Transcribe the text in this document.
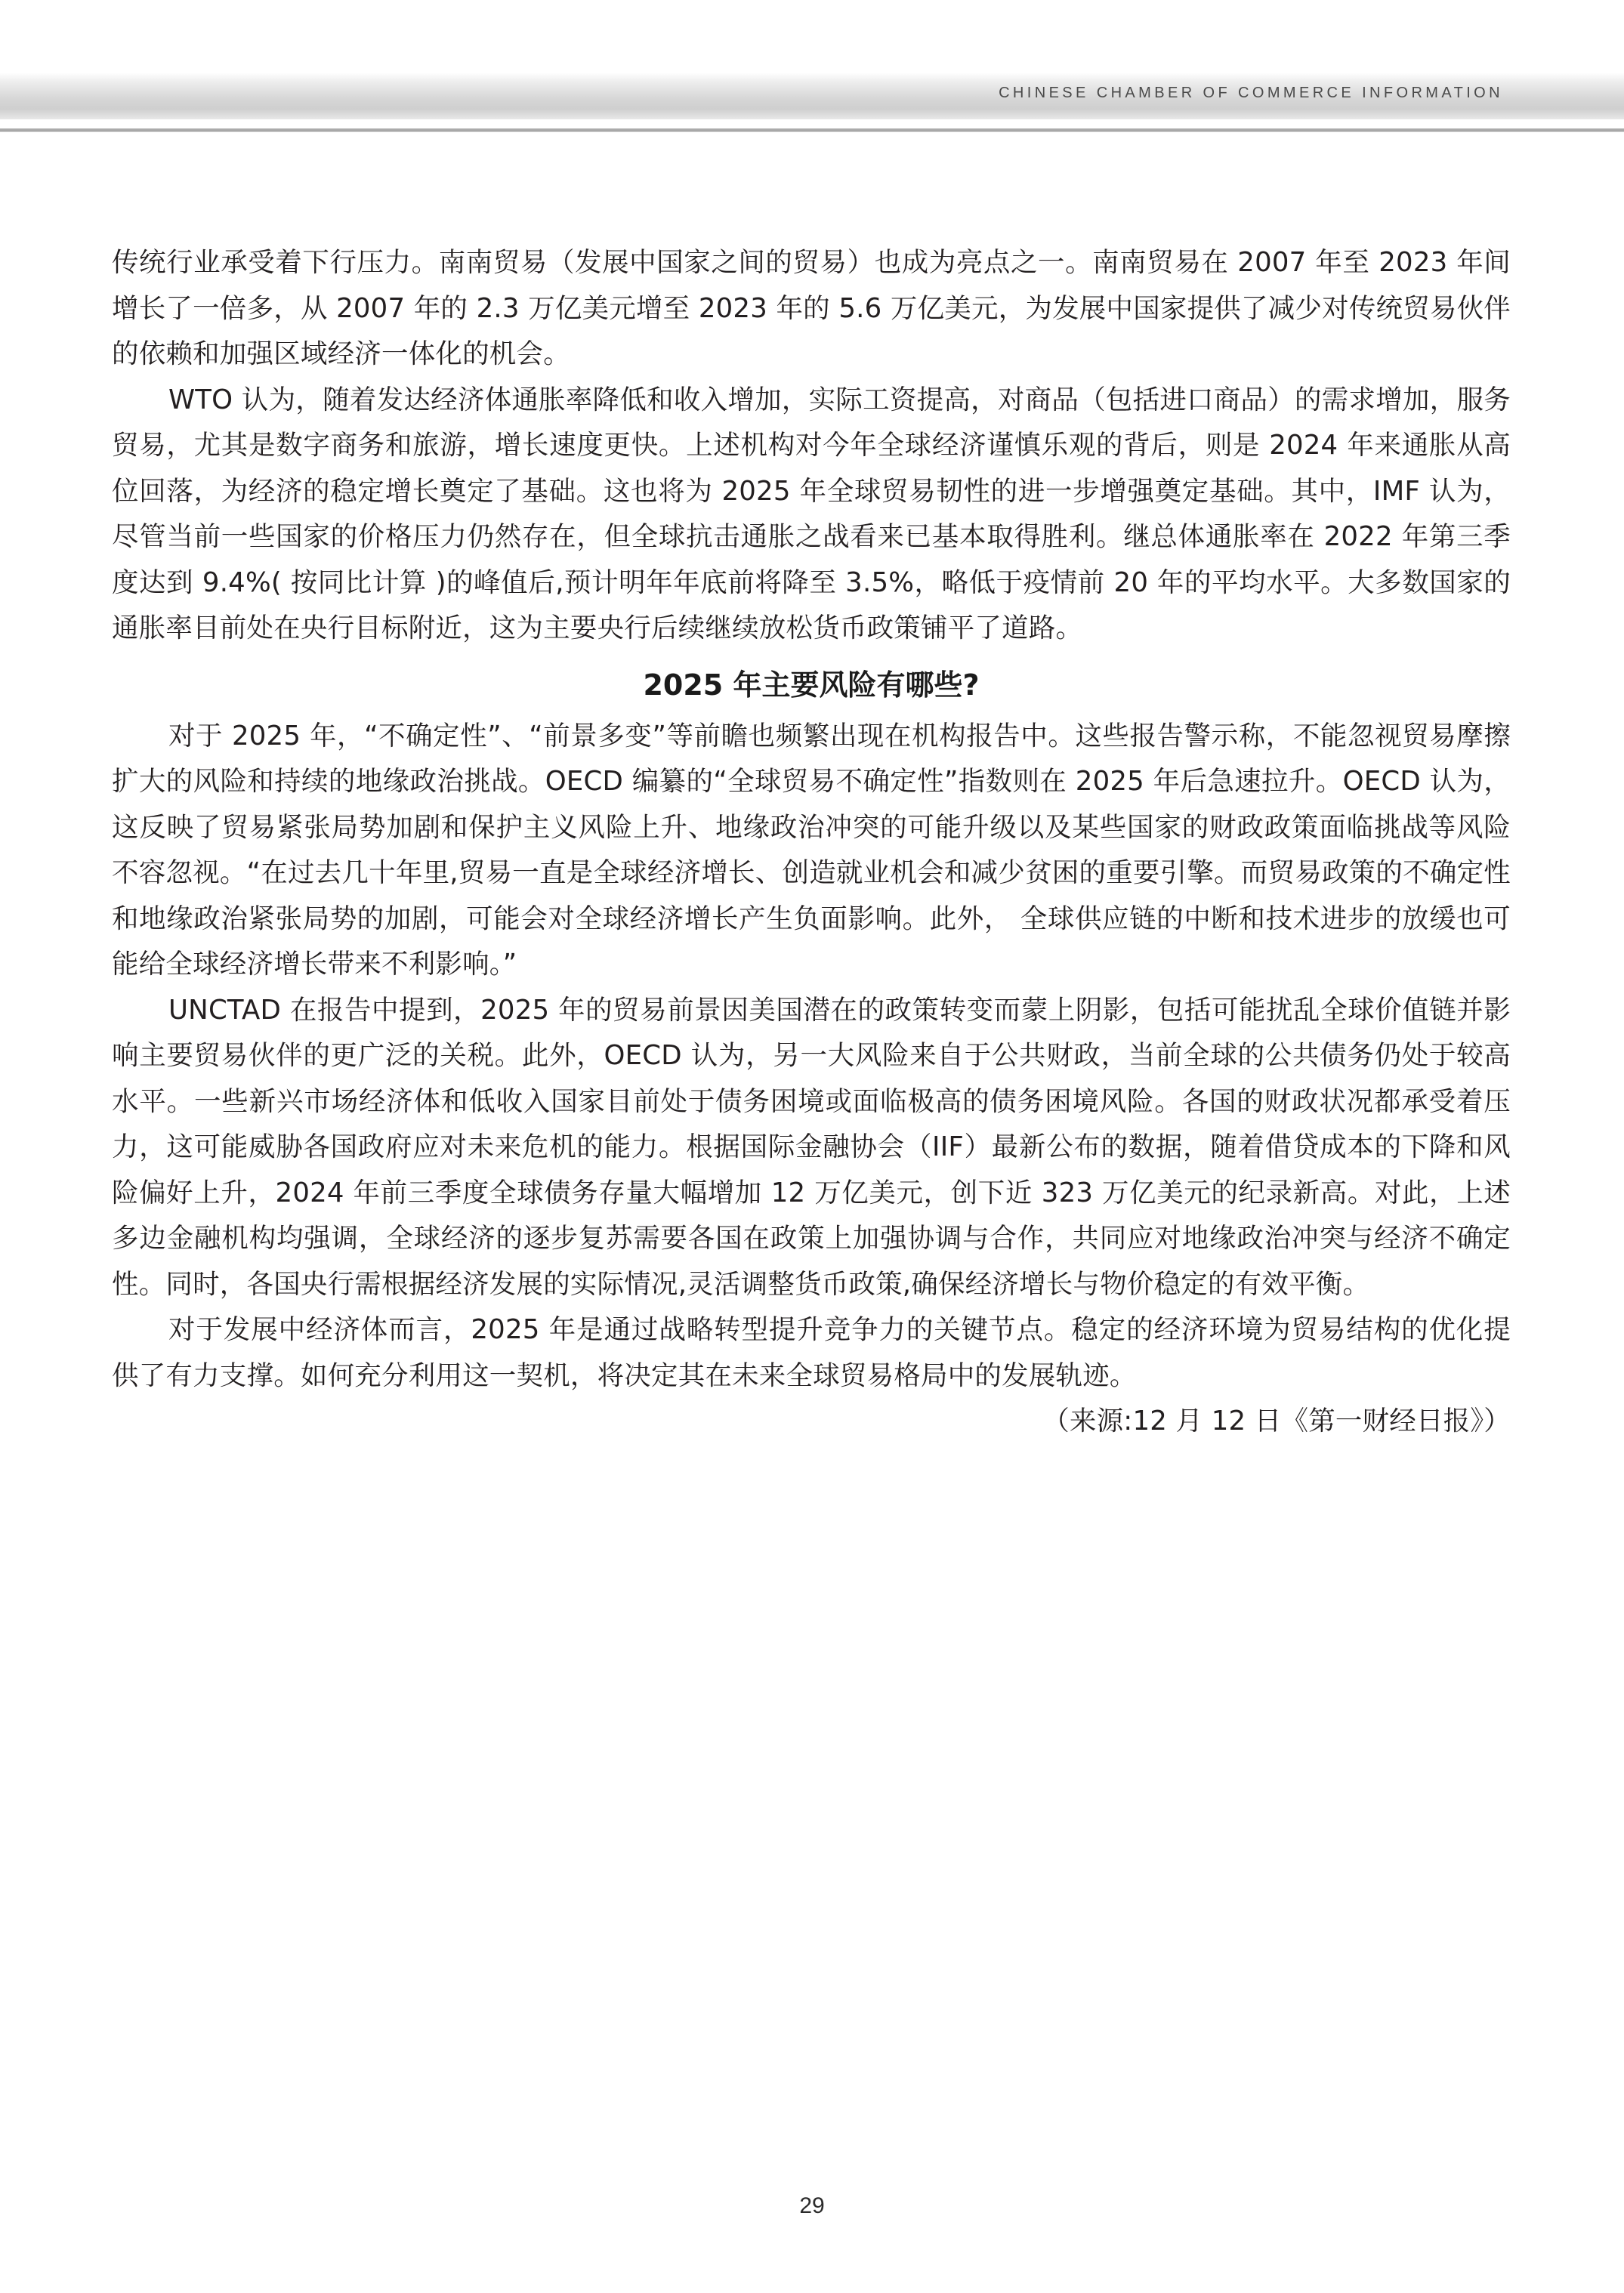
CHINESE CHAMBER OF COMMERCE INFORMATION

传统行业承受着下行压力。南南贸易（发展中国家之间的贸易）也成为亮点之一。南南贸易在 2007 年至 2023 年间增长了一倍多，从 2007 年的 2.3 万亿美元增至 2023 年的 5.6 万亿美元，为发展中国家提供了减少对传统贸易伙伴的依赖和加强区域经济一体化的机会。

WTO 认为，随着发达经济体通胀率降低和收入增加，实际工资提高，对商品（包括进口商品）的需求增加，服务贸易，尤其是数字商务和旅游，增长速度更快。上述机构对今年全球经济谨慎乐观的背后，则是 2024 年来通胀从高位回落，为经济的稳定增长奠定了基础。这也将为 2025 年全球贸易韧性的进一步增强奠定基础。其中，IMF 认为，尽管当前一些国家的价格压力仍然存在，但全球抗击通胀之战看来已基本取得胜利。继总体通胀率在 2022 年第三季度达到 9.4%( 按同比计算 )的峰值后,预计明年年底前将降至 3.5%，略低于疫情前 20 年的平均水平。大多数国家的通胀率目前处在央行目标附近，这为主要央行后续继续放松货币政策铺平了道路。

2025 年主要风险有哪些?

对于 2025 年，“不确定性”、“前景多变”等前瞻也频繁出现在机构报告中。这些报告警示称，不能忽视贸易摩擦扩大的风险和持续的地缘政治挑战。OECD 编纂的“全球贸易不确定性”指数则在 2025 年后急速拉升。OECD 认为，这反映了贸易紧张局势加剧和保护主义风险上升、地缘政治冲突的可能升级以及某些国家的财政政策面临挑战等风险不容忽视。“在过去几十年里,贸易一直是全球经济增长、创造就业机会和减少贫困的重要引擎。而贸易政策的不确定性和地缘政治紧张局势的加剧，可能会对全球经济增长产生负面影响。此外， 全球供应链的中断和技术进步的放缓也可能给全球经济增长带来不利影响。”

UNCTAD 在报告中提到，2025 年的贸易前景因美国潜在的政策转变而蒙上阴影，包括可能扰乱全球价值链并影响主要贸易伙伴的更广泛的关税。此外，OECD 认为，另一大风险来自于公共财政，当前全球的公共债务仍处于较高水平。一些新兴市场经济体和低收入国家目前处于债务困境或面临极高的债务困境风险。各国的财政状况都承受着压力，这可能威胁各国政府应对未来危机的能力。根据国际金融协会（IIF）最新公布的数据，随着借贷成本的下降和风险偏好上升，2024 年前三季度全球债务存量大幅增加 12 万亿美元，创下近 323 万亿美元的纪录新高。对此，上述多边金融机构均强调，全球经济的逐步复苏需要各国在政策上加强协调与合作，共同应对地缘政治冲突与经济不确定性。同时，各国央行需根据经济发展的实际情况,灵活调整货币政策,确保经济增长与物价稳定的有效平衡。

对于发展中经济体而言，2025 年是通过战略转型提升竞争力的关键节点。稳定的经济环境为贸易结构的优化提供了有力支撑。如何充分利用这一契机，将决定其在未来全球贸易格局中的发展轨迹。

（来源:12 月 12 日《第一财经日报》）

29
